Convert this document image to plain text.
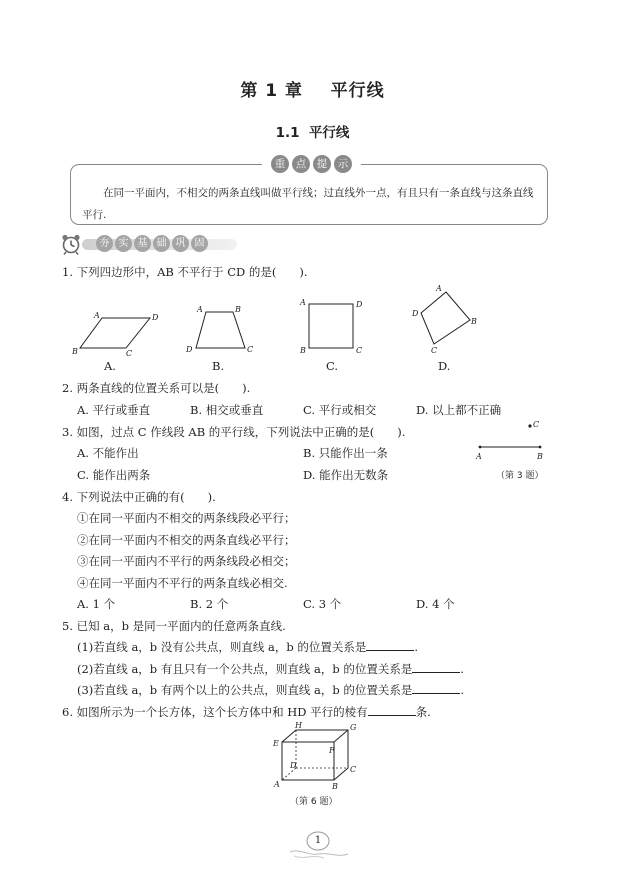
第 1 章 平行线
1.1 平行线
重	点	提	示
在同一平面内，不相交的两条直线叫做平行线；过直线外一点，有且只有一条直线与这条直线平行.
夯 实 基 础 巩 固
1. 下列四边形中，AB 不平行于 CD 的是(　　).
A	D
B	C
A.
A	B
D	C
B.
A	D
B	C
C.
A
D
B
C
D.
2. 两条直线的位置关系可以是(　　).
A. 平行或垂直	B. 相交或垂直	C. 平行或相交	D. 以上都不正确
3. 如图，过点 C 作线段 AB 的平行线，下列说法中正确的是(　　).
A. 不能作出	B. 只能作出一条
C. 能作出两条	D. 能作出无数条
A	B
C
（第 3 题）
4. 下列说法中正确的有(　　).
①在同一平面内不相交的两条线段必平行；
②在同一平面内不相交的两条直线必平行；
③在同一平面内不平行的两条线段必相交；
④在同一平面内不平行的两条直线必相交.
A. 1 个	B. 2 个	C. 3 个	D. 4 个
5. 已知 a，b 是同一平面内的任意两条直线.
(1)若直线 a，b 没有公共点，则直线 a，b 的位置关系是	.
(2)若直线 a，b 有且只有一个公共点，则直线 a，b 的位置关系是	.
(3)若直线 a，b 有两个以上的公共点，则直线 a，b 的位置关系是	.
6. 如图所示为一个长方体，这个长方体中和 HD 平行的棱有	条.
E
H	G
F
D	C
A	B
（第 6 题）
1
